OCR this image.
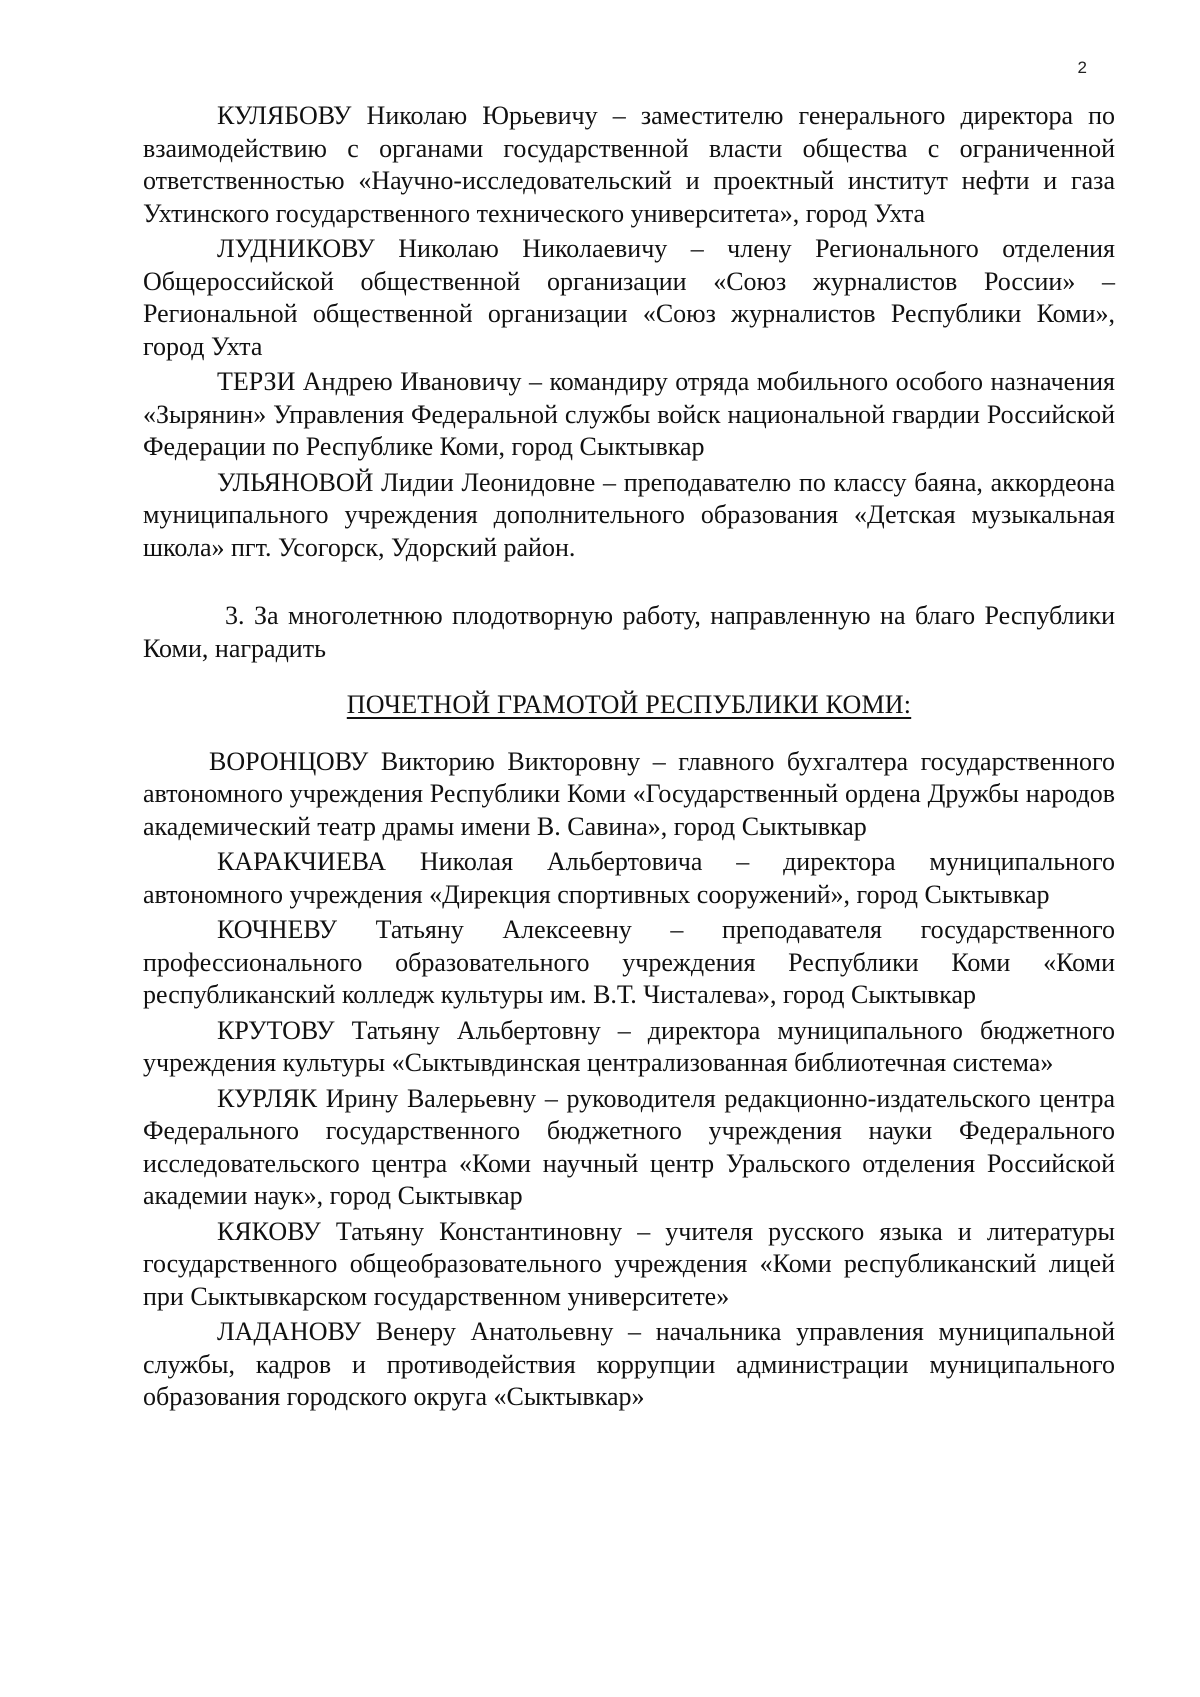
2

КУЛЯБОВУ Николаю Юрьевичу – заместителю генерального директора по взаимодействию с органами государственной власти общества с ограниченной ответственностью «Научно-исследовательский и проектный институт нефти и газа Ухтинского государственного технического университета», город Ухта

ЛУДНИКОВУ Николаю Николаевичу – члену Регионального отделения Общероссийской общественной организации «Союз журналистов России» – Региональной общественной организации «Союз журналистов Республики Коми», город Ухта

ТЕРЗИ Андрею Ивановичу – командиру отряда мобильного особого назначения «Зырянин» Управления Федеральной службы войск национальной гвардии Российской Федерации по Республике Коми, город Сыктывкар

УЛЬЯНОВОЙ Лидии Леонидовне – преподавателю по классу баяна, аккордеона муниципального учреждения дополнительного образования «Детская музыкальная школа» пгт. Усогорск, Удорский район.

3. За многолетнюю плодотворную работу, направленную на благо Республики Коми, наградить

ПОЧЕТНОЙ ГРАМОТОЙ РЕСПУБЛИКИ КОМИ:

ВОРОНЦОВУ Викторию Викторовну – главного бухгалтера государственного автономного учреждения Республики Коми «Государственный ордена Дружбы народов академический театр драмы имени В. Савина», город Сыктывкар

КАРАКЧИЕВА Николая Альбертовича – директора муниципального автономного учреждения «Дирекция спортивных сооружений», город Сыктывкар

КОЧНЕВУ Татьяну Алексеевну – преподавателя государственного профессионального образовательного учреждения Республики Коми «Коми республиканский колледж культуры им. В.Т. Чисталева», город Сыктывкар

КРУТОВУ Татьяну Альбертовну – директора муниципального бюджетного учреждения культуры «Сыктывдинская централизованная библиотечная система»

КУРЛЯК Ирину Валерьевну – руководителя редакционно-издательского центра Федерального государственного бюджетного учреждения науки Федерального исследовательского центра «Коми научный центр Уральского отделения Российской академии наук», город Сыктывкар

КЯКОВУ Татьяну Константиновну – учителя русского языка и литературы государственного общеобразовательного учреждения «Коми республиканский лицей при Сыктывкарском государственном университете»

ЛАДАНОВУ Венеру Анатольевну – начальника управления муниципальной службы, кадров и противодействия коррупции администрации муниципального образования городского округа «Сыктывкар»
